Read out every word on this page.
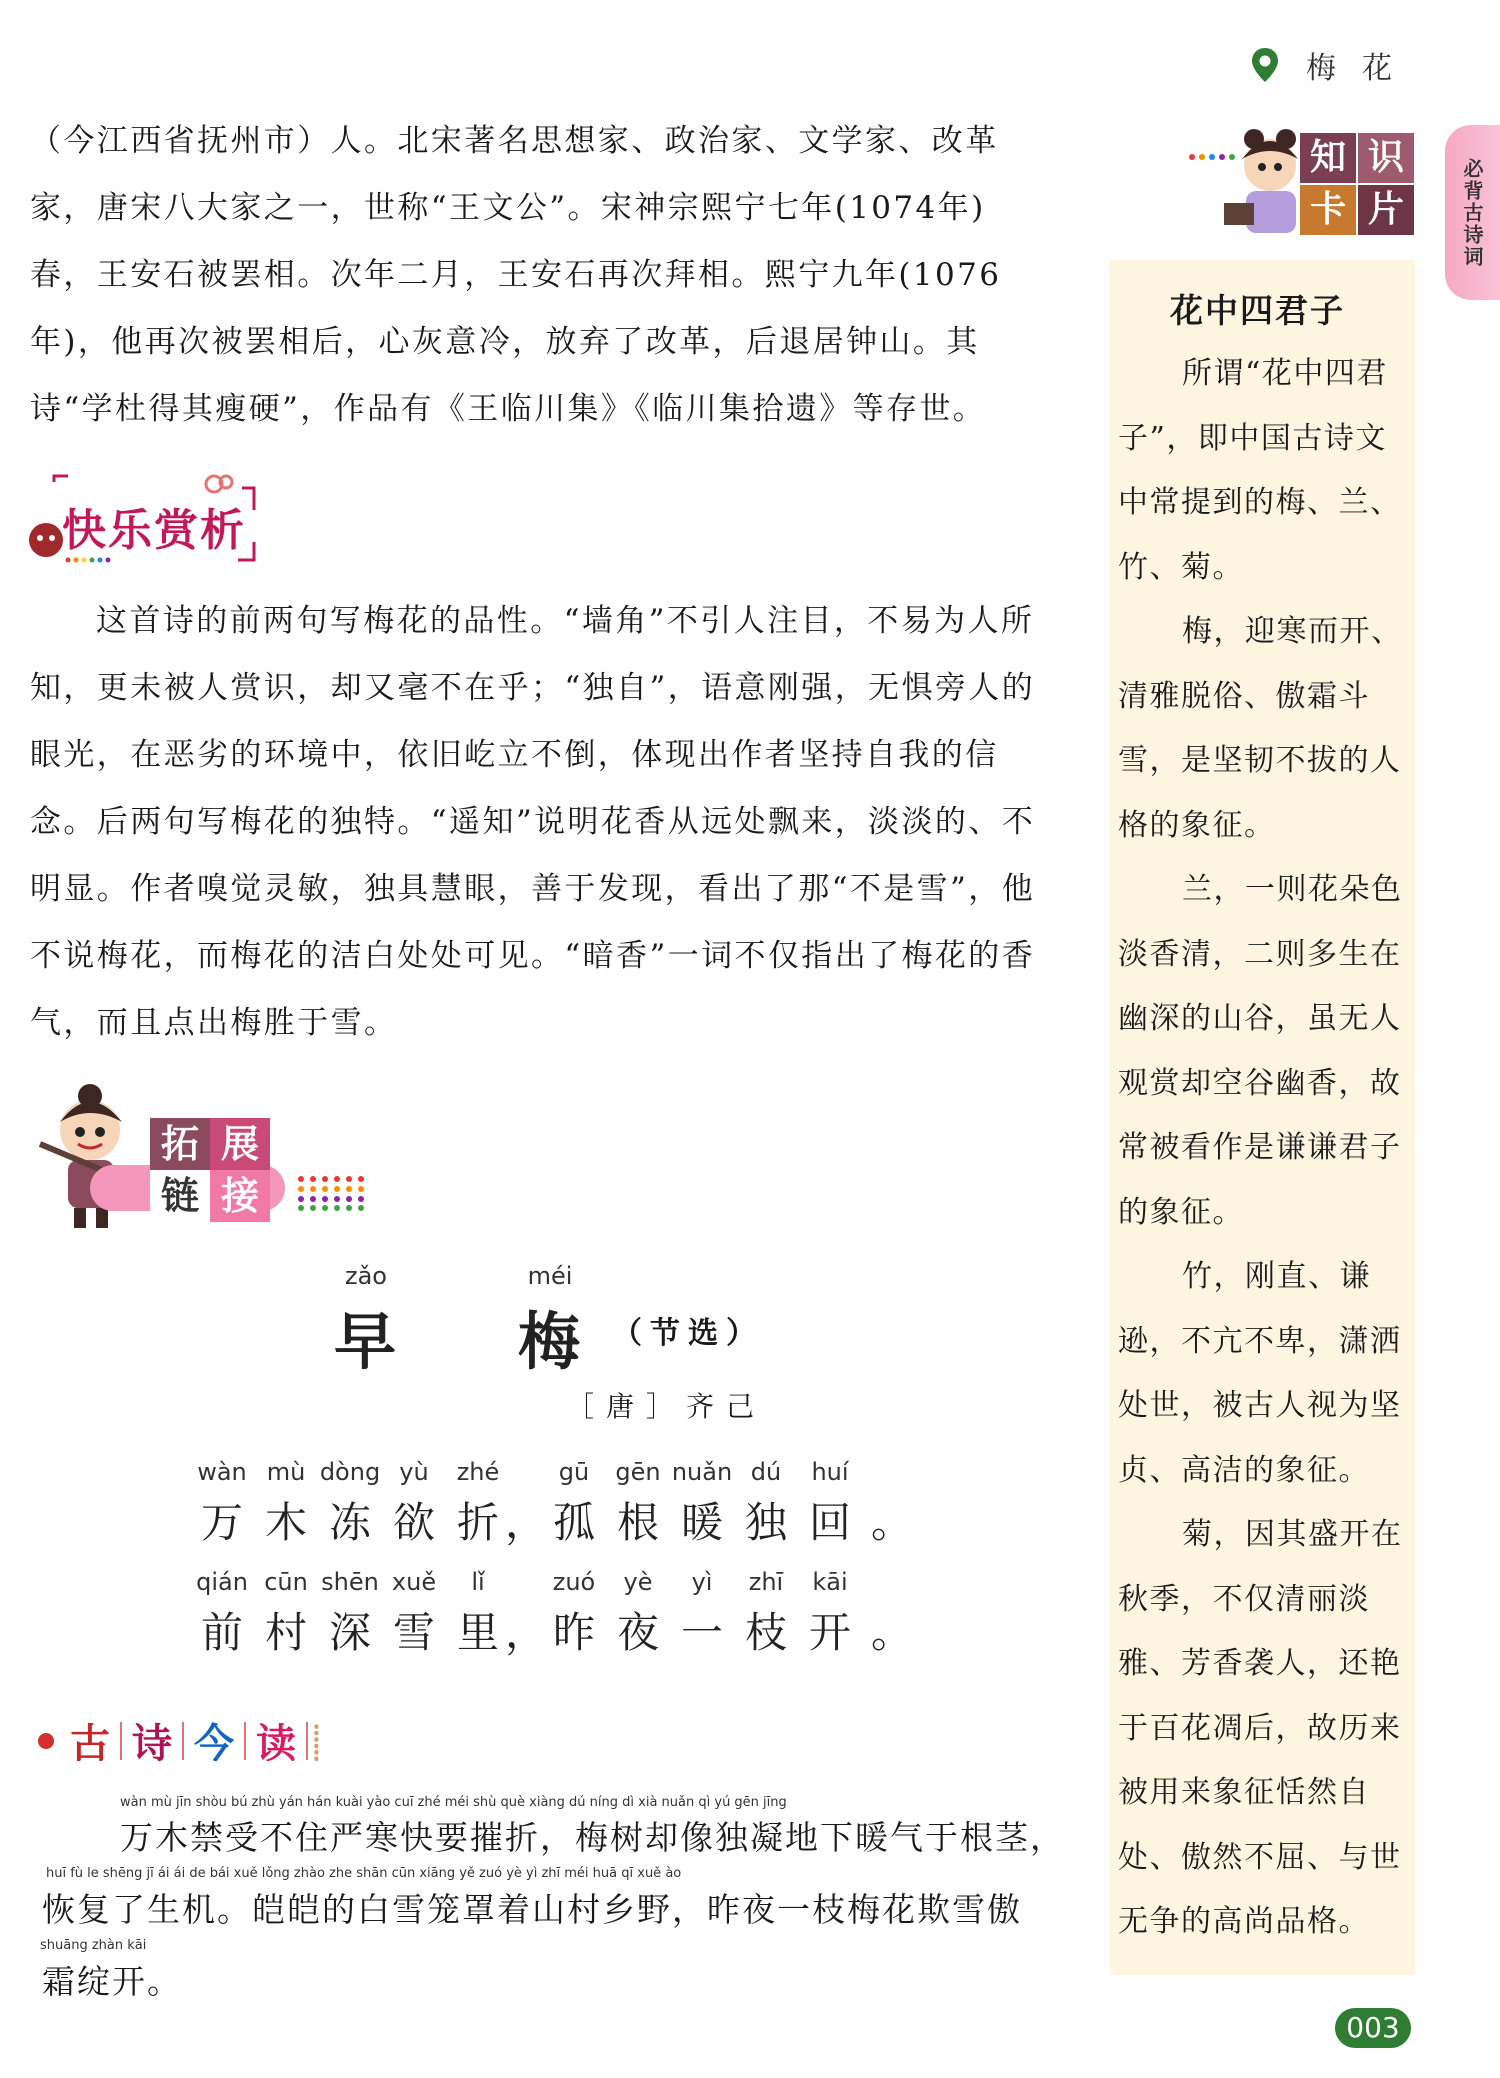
梅花
必背古诗词

（今江西省抚州市）人。北宋著名思想家、政治家、文学家、改革家，唐宋八大家之一，世称“王文公”。宋神宗熙宁七年(1074年)春，王安石被罢相。次年二月，王安石再次拜相。熙宁九年(1076年)，他再次被罢相后，心灰意冷，放弃了改革，后退居钟山。其诗“学杜得其瘦硬”，作品有《王临川集》《临川集拾遗》等存世。

快乐赏析

这首诗的前两句写梅花的品性。“墙角”不引人注目，不易为人所知，更未被人赏识，却又毫不在乎；“独自”，语意刚强，无惧旁人的眼光，在恶劣的环境中，依旧屹立不倒，体现出作者坚持自我的信念。后两句写梅花的独特。“遥知”说明花香从远处飘来，淡淡的、不明显。作者嗅觉灵敏，独具慧眼，善于发现，看出了那“不是雪”，他不说梅花，而梅花的洁白处处可见。“暗香”一词不仅指出了梅花的香气，而且点出梅胜于雪。

拓 展
链 接
zǎo
早
méi
梅 （节选）
［唐］齐己
wàn mù dòng yù	zhé	gū	gēn nuǎn dú	huí
万 木 冻 欲 折 ， 孤 根 暖 独 回 。
qián cūn shēn xuě	lǐ	zuó	yè	yì	zhī	kāi
前 村 深 雪 里 ， 昨 夜 一 枝 开 。
古 诗 今 读 ⸽
wàn mù jīn shòu bú zhù yán hán kuài yào cuī zhé méi shù què xiàng dú níng dì xià nuǎn qì yú gēn jīng
万木禁受不住严寒快要摧折，梅树却像独凝地下暖气于根茎，
huī fù le shēng jī ái ái de bái xuě lǒng zhào zhe shān cūn xiāng yě zuó yè yì zhī méi huā qī xuě ào
恢复了生机。皑皑的白雪笼罩着山村乡野，昨夜一枝梅花欺雪傲
shuāng zhàn kāi
霜绽开。
知 识
卡 片
花中四君子

所谓“花中四君子”，即中国古诗文中常提到的梅、兰、竹、菊。

梅，迎寒而开、清雅脱俗、傲霜斗雪，是坚韧不拔的人格的象征。

兰，一则花朵色淡香清，二则多生在幽深的山谷，虽无人观赏却空谷幽香，故常被看作是谦谦君子的象征。

竹，刚直、谦逊，不亢不卑，潇洒处世，被古人视为坚贞、高洁的象征。

菊，因其盛开在秋季，不仅清丽淡雅、芳香袭人，还艳于百花凋后，故历来被用来象征恬然自处、傲然不屈、与世无争的高尚品格。

003
